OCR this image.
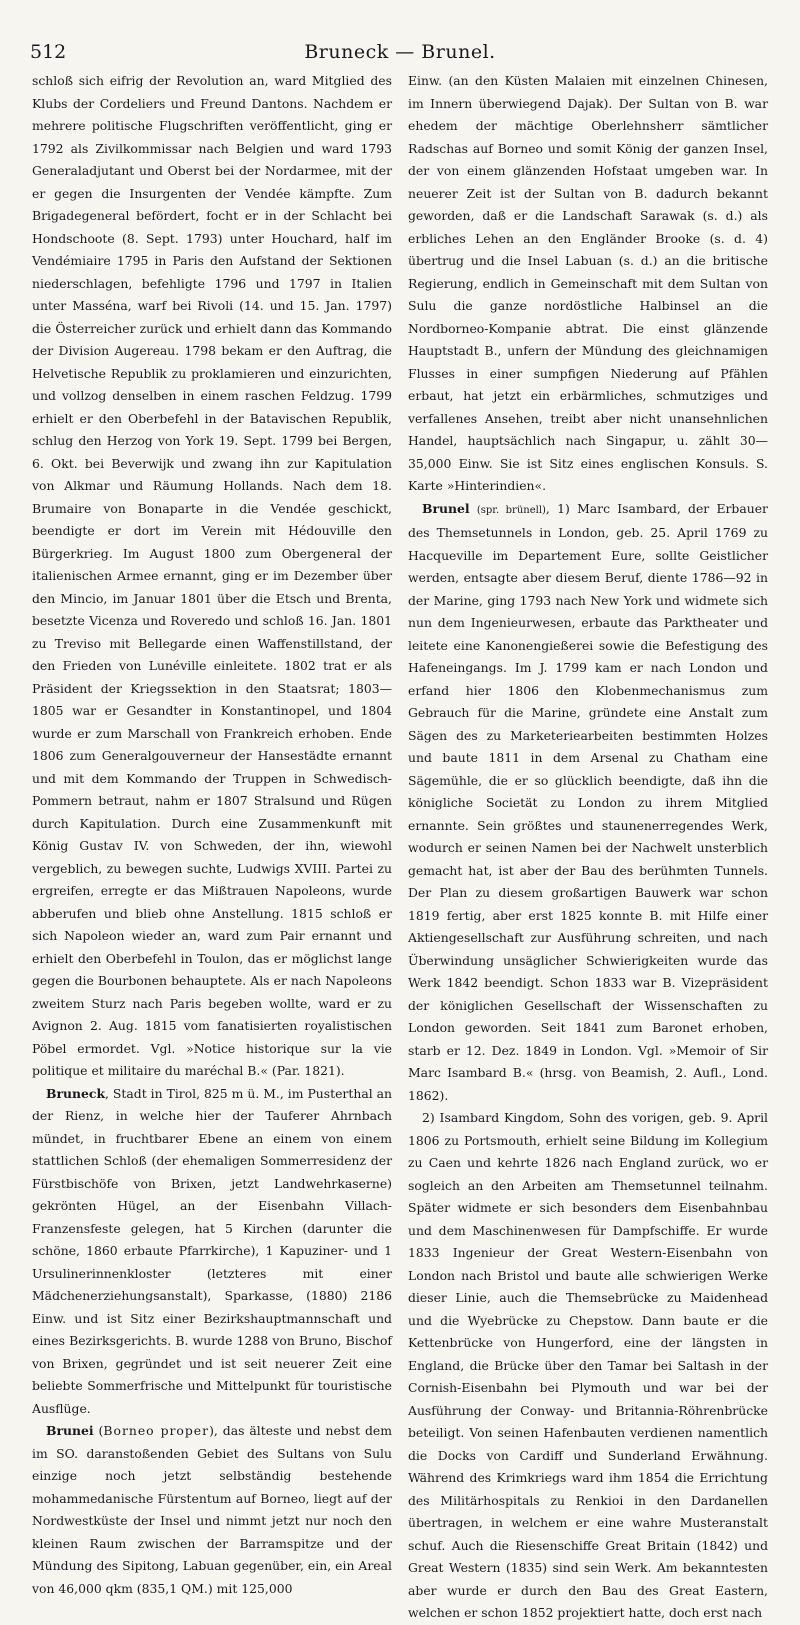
512	Bruneck — Brunel.

schloß sich eifrig der Revolution an, ward Mitglied des Klubs der Cordeliers und Freund Dantons. Nachdem er mehrere politische Flugschriften veröffentlicht, ging er 1792 als Zivilkommissar nach Belgien und ward 1793 Generaladjutant und Oberst bei der Nordarmee, mit der er gegen die Insurgenten der Vendée kämpfte. Zum Brigadegeneral befördert, focht er in der Schlacht bei Hondschoote (8. Sept. 1793) unter Houchard, half im Vendémiaire 1795 in Paris den Aufstand der Sektionen niederschlagen, befehligte 1796 und 1797 in Italien unter Masséna, warf bei Rivoli (14. und 15. Jan. 1797) die Österreicher zurück und erhielt dann das Kommando der Division Augereau. 1798 bekam er den Auftrag, die Helvetische Republik zu proklamieren und einzurichten, und vollzog denselben in einem raschen Feldzug. 1799 erhielt er den Oberbefehl in der Batavischen Republik, schlug den Herzog von York 19. Sept. 1799 bei Bergen, 6. Okt. bei Beverwijk und zwang ihn zur Kapitulation von Alkmar und Räumung Hollands. Nach dem 18. Brumaire von Bonaparte in die Vendée geschickt, beendigte er dort im Verein mit Hédouville den Bürgerkrieg. Im August 1800 zum Obergeneral der italienischen Armee ernannt, ging er im Dezember über den Mincio, im Januar 1801 über die Etsch und Brenta, besetzte Vicenza und Roveredo und schloß 16. Jan. 1801 zu Treviso mit Bellegarde einen Waffenstillstand, der den Frieden von Lunéville einleitete. 1802 trat er als Präsident der Kriegssektion in den Staatsrat; 1803—1805 war er Gesandter in Konstantinopel, und 1804 wurde er zum Marschall von Frankreich erhoben. Ende 1806 zum Generalgouverneur der Hansestädte ernannt und mit dem Kommando der Truppen in Schwedisch-Pommern betraut, nahm er 1807 Stralsund und Rügen durch Kapitulation. Durch eine Zusammenkunft mit König Gustav IV. von Schweden, der ihn, wiewohl vergeblich, zu bewegen suchte, Ludwigs XVIII. Partei zu ergreifen, erregte er das Mißtrauen Napoleons, wurde abberufen und blieb ohne Anstellung. 1815 schloß er sich Napoleon wieder an, ward zum Pair ernannt und erhielt den Oberbefehl in Toulon, das er möglichst lange gegen die Bourbonen behauptete. Als er nach Napoleons zweitem Sturz nach Paris begeben wollte, ward er zu Avignon 2. Aug. 1815 vom fanatisierten royalistischen Pöbel ermordet. Vgl. »Notice historique sur la vie politique et militaire du maréchal B.« (Par. 1821).

Bruneck, Stadt in Tirol, 825 m ü. M., im Pusterthal an der Rienz, in welche hier der Tauferer Ahrnbach mündet, in fruchtbarer Ebene an einem von einem stattlichen Schloß (der ehemaligen Sommerresidenz der Fürstbischöfe von Brixen, jetzt Landwehrkaserne) gekrönten Hügel, an der Eisenbahn Villach-Franzensfeste gelegen, hat 5 Kirchen (darunter die schöne, 1860 erbaute Pfarrkirche), 1 Kapuziner- und 1 Ursulinerinnenkloster (letzteres mit einer Mädchenerziehungsanstalt), Sparkasse, (1880) 2186 Einw. und ist Sitz einer Bezirkshauptmannschaft und eines Bezirksgerichts. B. wurde 1288 von Bruno, Bischof von Brixen, gegründet und ist seit neuerer Zeit eine beliebte Sommerfrische und Mittelpunkt für touristische Ausflüge.

Brunei (Borneo proper), das älteste und nebst dem im SO. daranstoßenden Gebiet des Sultans von Sulu einzige noch jetzt selbständig bestehende mohammedanische Fürstentum auf Borneo, liegt auf der Nordwestküste der Insel und nimmt jetzt nur noch den kleinen Raum zwischen der Barramspitze und der Mündung des Sipitong, Labuan gegenüber, ein, ein Areal von 46,000 qkm (835,1 QM.) mit 125,000

Einw. (an den Küsten Malaien mit einzelnen Chinesen, im Innern überwiegend Dajak). Der Sultan von B. war ehedem der mächtige Oberlehnsherr sämtlicher Radschas auf Borneo und somit König der ganzen Insel, der von einem glänzenden Hofstaat umgeben war. In neuerer Zeit ist der Sultan von B. dadurch bekannt geworden, daß er die Landschaft Sarawak (s. d.) als erbliches Lehen an den Engländer Brooke (s. d. 4) übertrug und die Insel Labuan (s. d.) an die britische Regierung, endlich in Gemeinschaft mit dem Sultan von Sulu die ganze nordöstliche Halbinsel an die Nordborneo-Kompanie abtrat. Die einst glänzende Hauptstadt B., unfern der Mündung des gleichnamigen Flusses in einer sumpfigen Niederung auf Pfählen erbaut, hat jetzt ein erbärmliches, schmutziges und verfallenes Ansehen, treibt aber nicht unansehnlichen Handel, hauptsächlich nach Singapur, u. zählt 30—35,000 Einw. Sie ist Sitz eines englischen Konsuls. S. Karte »Hinterindien«.

Brunel (spr. brünell), 1) Marc Isambard, der Erbauer des Themsetunnels in London, geb. 25. April 1769 zu Hacqueville im Departement Eure, sollte Geistlicher werden, entsagte aber diesem Beruf, diente 1786—92 in der Marine, ging 1793 nach New York und widmete sich nun dem Ingenieurwesen, erbaute das Parktheater und leitete eine Kanonengießerei sowie die Befestigung des Hafeneingangs. Im J. 1799 kam er nach London und erfand hier 1806 den Klobenmechanismus zum Gebrauch für die Marine, gründete eine Anstalt zum Sägen des zu Marketeriearbeiten bestimmten Holzes und baute 1811 in dem Arsenal zu Chatham eine Sägemühle, die er so glücklich beendigte, daß ihn die königliche Societät zu London zu ihrem Mitglied ernannte. Sein größtes und staunenerregendes Werk, wodurch er seinen Namen bei der Nachwelt unsterblich gemacht hat, ist aber der Bau des berühmten Tunnels. Der Plan zu diesem großartigen Bauwerk war schon 1819 fertig, aber erst 1825 konnte B. mit Hilfe einer Aktiengesellschaft zur Ausführung schreiten, und nach Überwindung unsäglicher Schwierigkeiten wurde das Werk 1842 beendigt. Schon 1833 war B. Vizepräsident der königlichen Gesellschaft der Wissenschaften zu London geworden. Seit 1841 zum Baronet erhoben, starb er 12. Dez. 1849 in London. Vgl. »Memoir of Sir Marc Isambard B.« (hrsg. von Beamish, 2. Aufl., Lond. 1862).

2) Isambard Kingdom, Sohn des vorigen, geb. 9. April 1806 zu Portsmouth, erhielt seine Bildung im Kollegium zu Caen und kehrte 1826 nach England zurück, wo er sogleich an den Arbeiten am Themsetunnel teilnahm. Später widmete er sich besonders dem Eisenbahnbau und dem Maschinenwesen für Dampfschiffe. Er wurde 1833 Ingenieur der Great Western-Eisenbahn von London nach Bristol und baute alle schwierigen Werke dieser Linie, auch die Themsebrücke zu Maidenhead und die Wyebrücke zu Chepstow. Dann baute er die Kettenbrücke von Hungerford, eine der längsten in England, die Brücke über den Tamar bei Saltash in der Cornish-Eisenbahn bei Plymouth und war bei der Ausführung der Conway- und Britannia-Röhrenbrücke beteiligt. Von seinen Hafenbauten verdienen namentlich die Docks von Cardiff und Sunderland Erwähnung. Während des Krimkriegs ward ihm 1854 die Errichtung des Militärhospitals zu Renkioi in den Dardanellen übertragen, in welchem er eine wahre Musteranstalt schuf. Auch die Riesenschiffe Great Britain (1842) und Great Western (1835) sind sein Werk. Am bekanntesten aber wurde er durch den Bau des Great Eastern, welchen er schon 1852 projektiert hatte, doch erst nach
